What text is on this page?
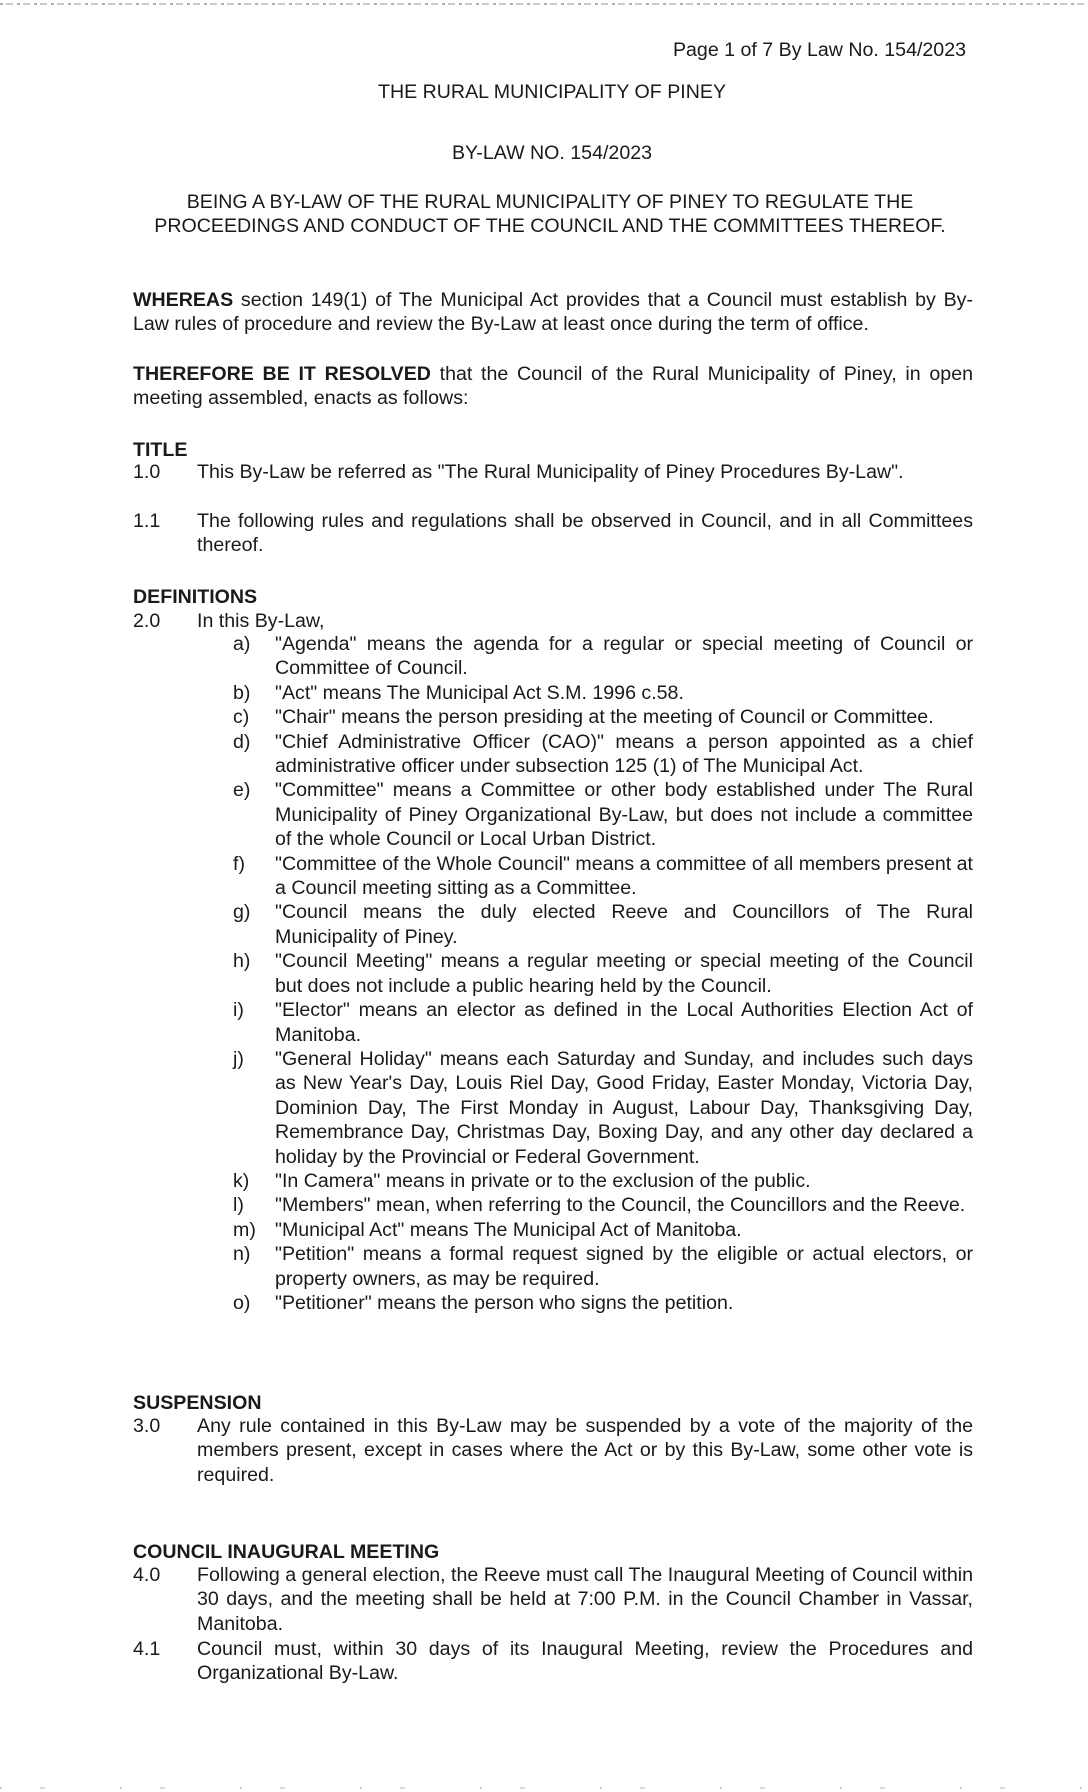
Page 1 of 7 By Law No. 154/2023
THE RURAL MUNICIPALITY OF PINEY
BY-LAW NO. 154/2023
BEING A BY-LAW OF THE RURAL MUNICIPALITY OF PINEY TO REGULATE THE PROCEEDINGS AND CONDUCT OF THE COUNCIL AND THE COMMITTEES THEREOF.
WHEREAS section 149(1) of The Municipal Act provides that a Council must establish by By-Law rules of procedure and review the By-Law at least once during the term of office.
THEREFORE BE IT RESOLVED that the Council of the Rural Municipality of Piney, in open meeting assembled, enacts as follows:
TITLE
1.0	This By-Law be referred as "The Rural Municipality of Piney Procedures By-Law".
1.1	The following rules and regulations shall be observed in Council, and in all Committees thereof.
DEFINITIONS
2.0	In this By-Law,
a)	"Agenda" means the agenda for a regular or special meeting of Council or Committee of Council.
b)	"Act" means The Municipal Act S.M. 1996 c.58.
c)	"Chair" means the person presiding at the meeting of Council or Committee.
d)	"Chief Administrative Officer (CAO)" means a person appointed as a chief administrative officer under subsection 125 (1) of The Municipal Act.
e)	"Committee" means a Committee or other body established under The Rural Municipality of Piney Organizational By-Law, but does not include a committee of the whole Council or Local Urban District.
f)	"Committee of the Whole Council" means a committee of all members present at a Council meeting sitting as a Committee.
g)	"Council means the duly elected Reeve and Councillors of The Rural Municipality of Piney.
h)	"Council Meeting" means a regular meeting or special meeting of the Council but does not include a public hearing held by the Council.
i)	"Elector" means an elector as defined in the Local Authorities Election Act of Manitoba.
j)	"General Holiday" means each Saturday and Sunday, and includes such days as New Year's Day, Louis Riel Day, Good Friday, Easter Monday, Victoria Day, Dominion Day, The First Monday in August, Labour Day, Thanksgiving Day, Remembrance Day, Christmas Day, Boxing Day, and any other day declared a holiday by the Provincial or Federal Government.
k)	"In Camera" means in private or to the exclusion of the public.
l)	"Members" mean, when referring to the Council, the Councillors and the Reeve.
m) "Municipal Act" means The Municipal Act of Manitoba.
n)	"Petition" means a formal request signed by the eligible or actual electors, or property owners, as may be required.
o)	"Petitioner" means the person who signs the petition.
SUSPENSION
3.0	Any rule contained in this By-Law may be suspended by a vote of the majority of the members present, except in cases where the Act or by this By-Law, some other vote is required.
COUNCIL INAUGURAL MEETING
4.0	Following a general election, the Reeve must call The Inaugural Meeting of Council within 30 days, and the meeting shall be held at 7:00 P.M. in the Council Chamber in Vassar, Manitoba.
4.1	Council must, within 30 days of its Inaugural Meeting, review the Procedures and Organizational By-Law.
